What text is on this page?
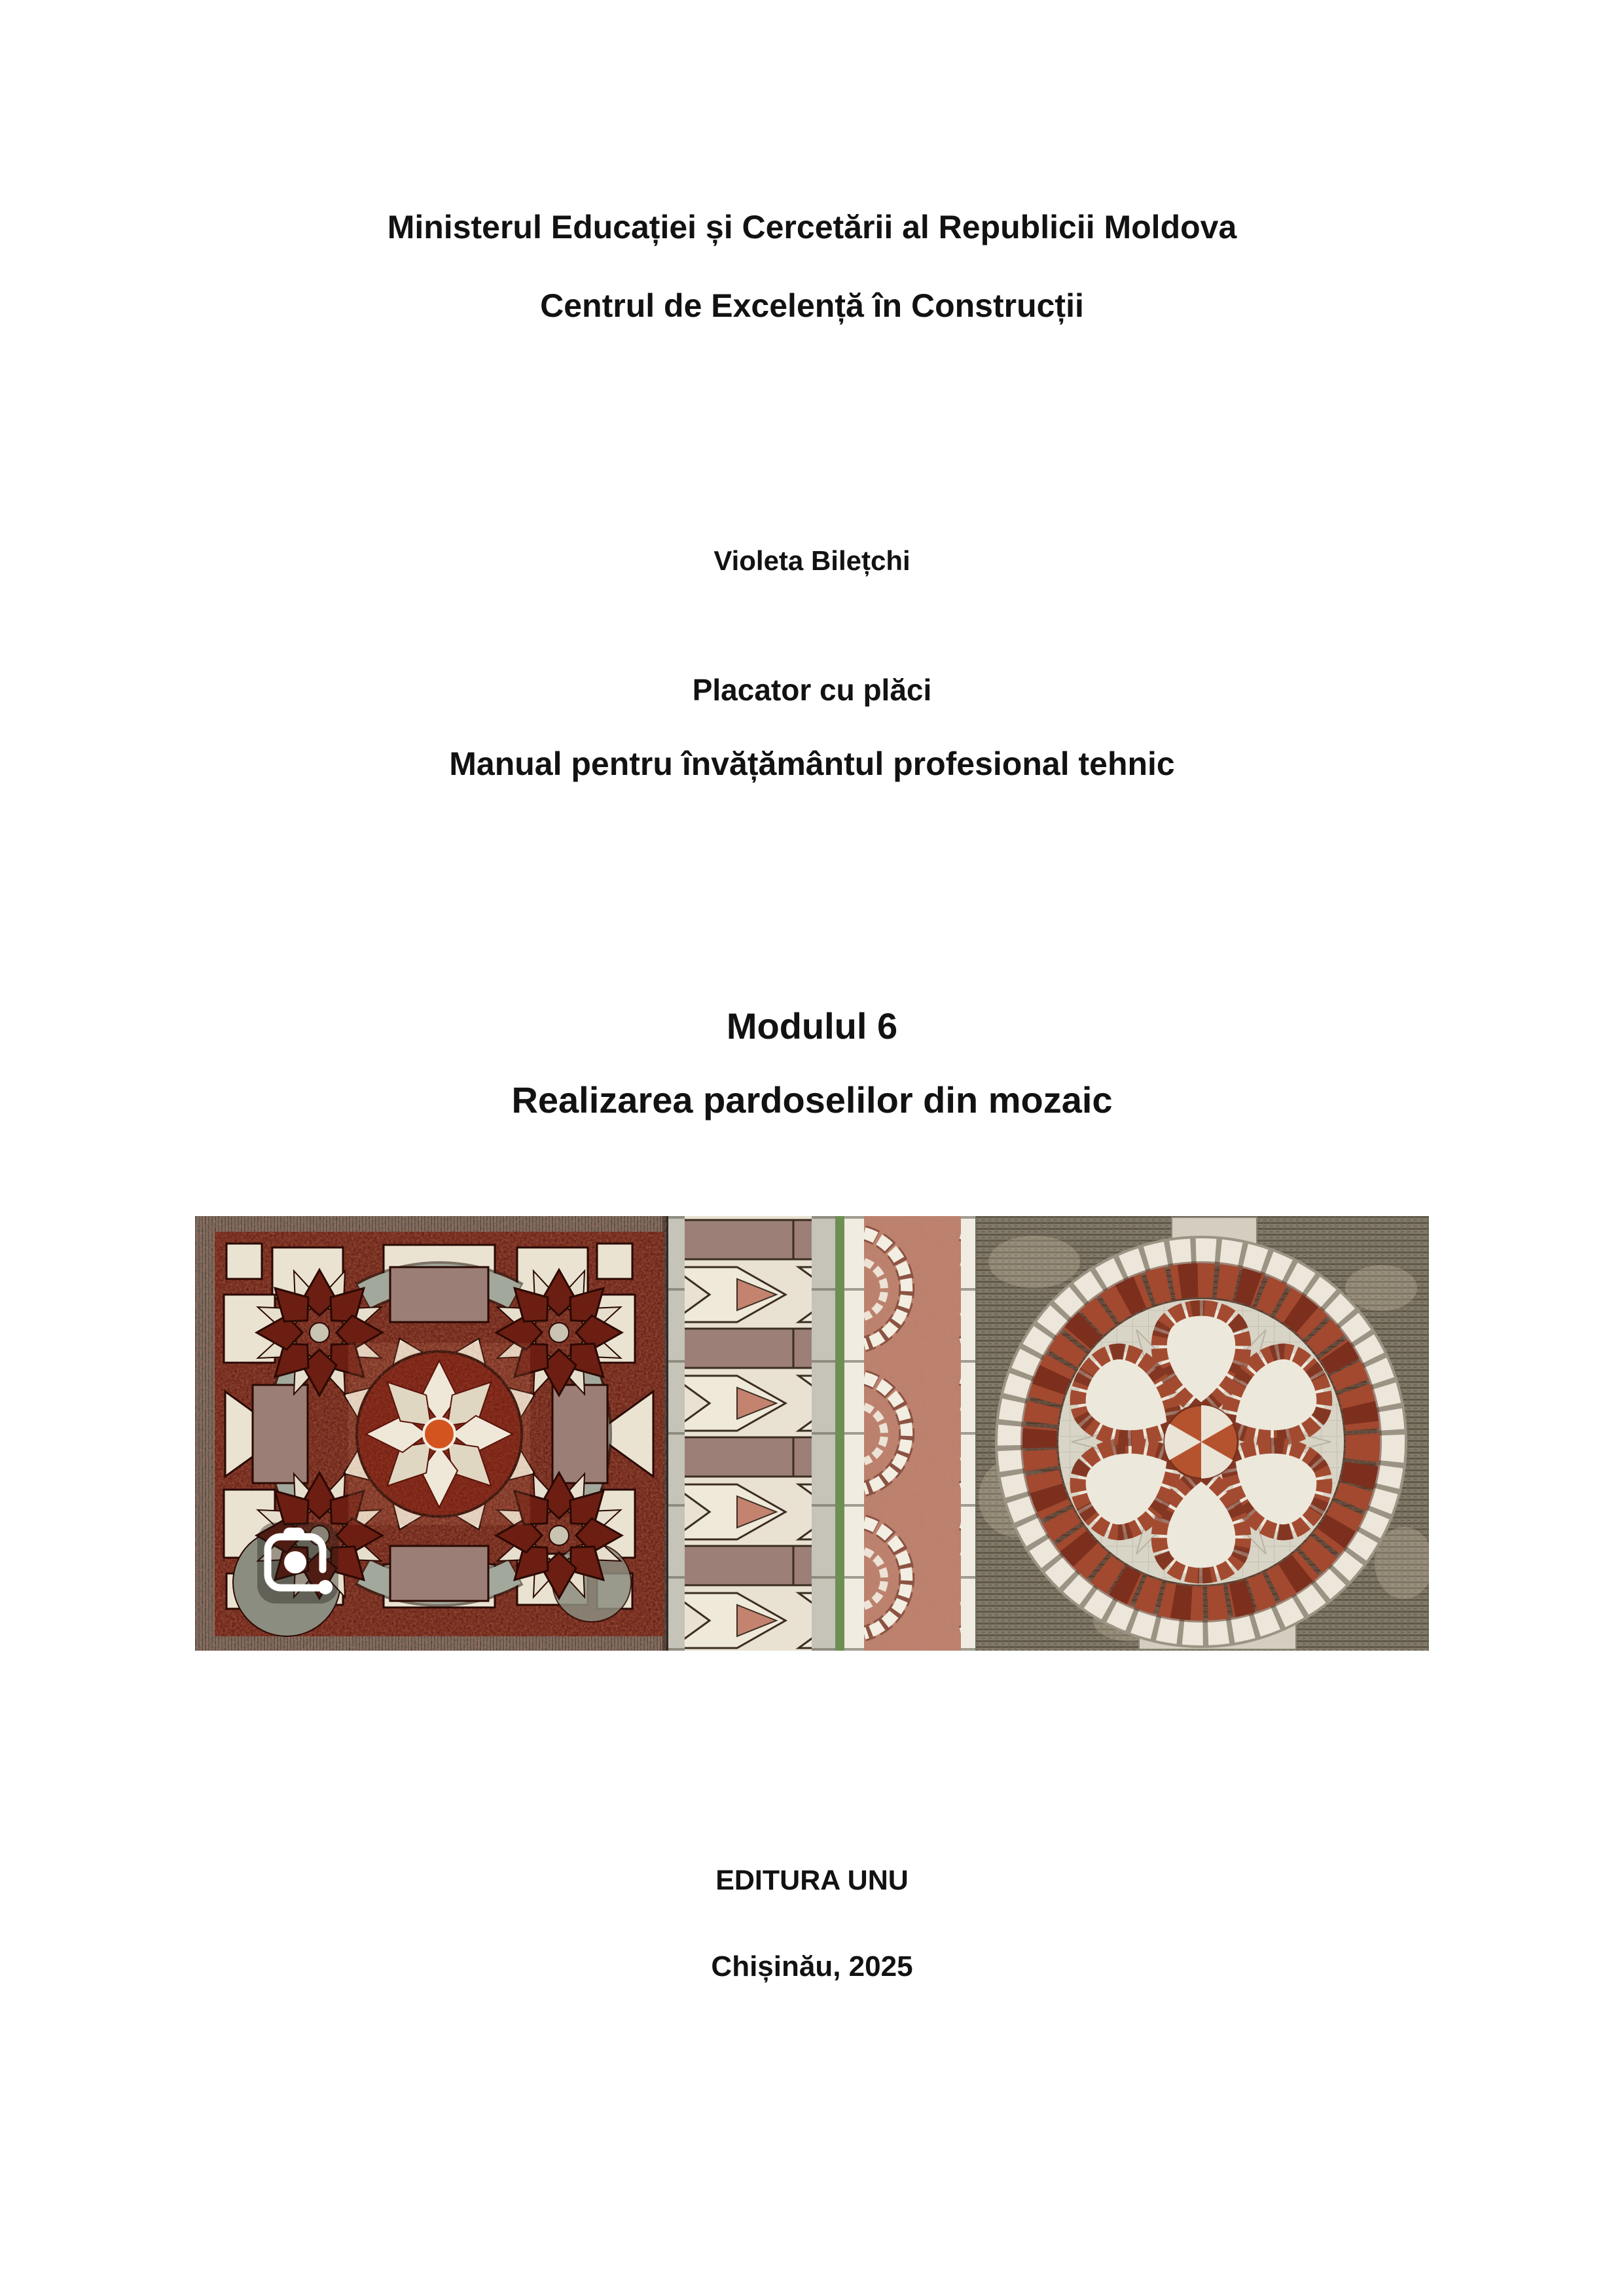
Ministerul Educației și Cercetării al Republicii Moldova
Centrul de Excelență în Construcții
Violeta Bilețchi
Placator cu plăci
Manual pentru învățământul profesional tehnic
Modulul 6
Realizarea pardoselilor din mozaic
EDITURA UNU
Chișinău, 2025
